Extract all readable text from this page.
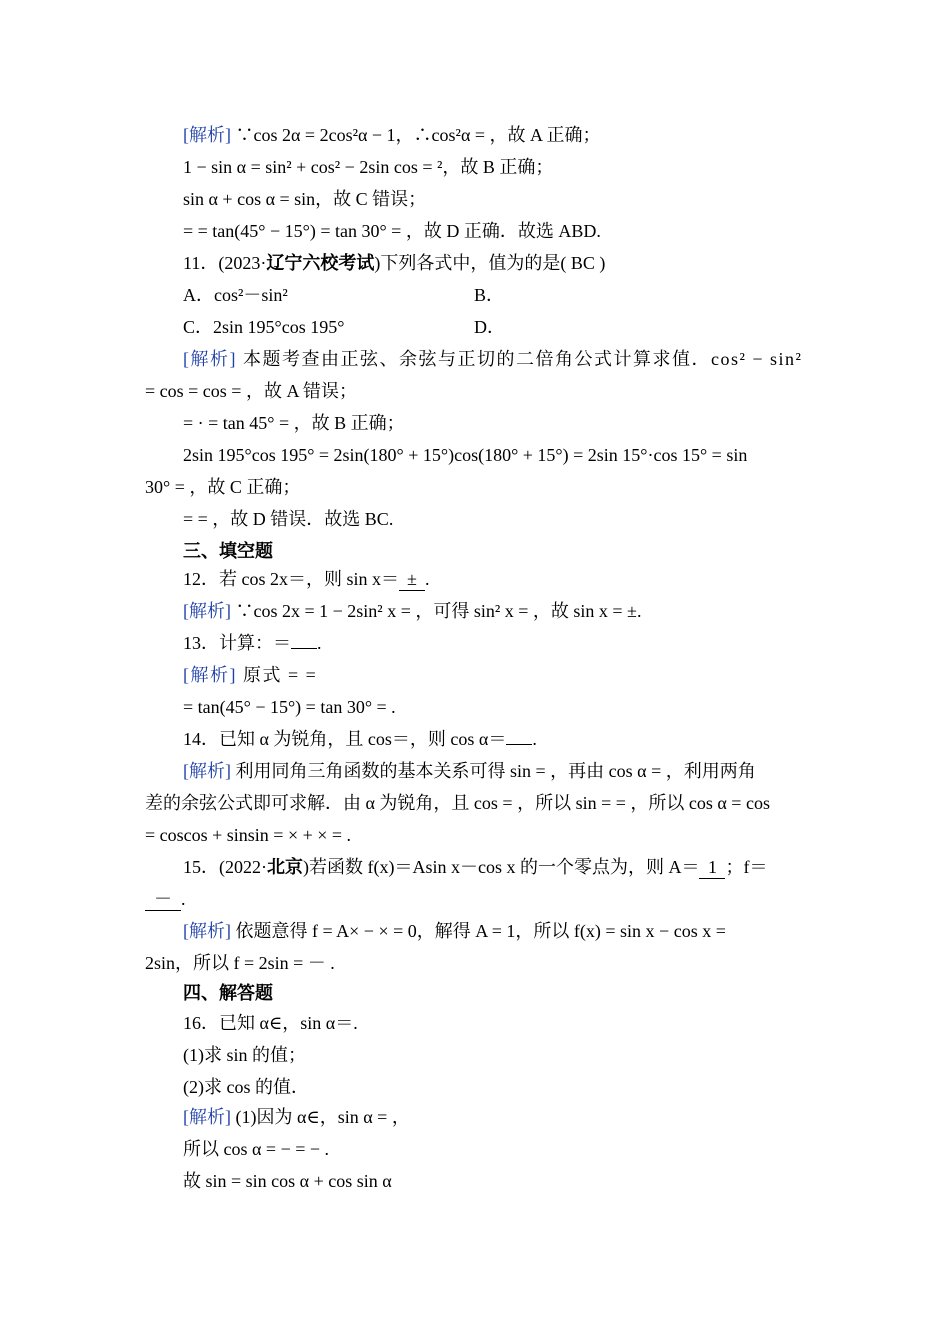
[解析] ∵cos 2α = 2cos²α − 1，∴cos²α = ，故 A 正确；
1 − sin α = sin² + cos² − 2sin cos = ²，故 B 正确；
sin α + cos α = sin，故 C 错误；
= = tan(45° − 15°) = tan 30° = ，故 D 正确．故选 ABD.
11．(2023·辽宁六校考试)下列各式中，值为的是( BC )
A．cos²－sin²	B．
C．2sin 195°cos 195°	D．
[解析] 本题考查由正弦、余弦与正切的二倍角公式计算求值．cos² − sin²
= cos = cos = ，故 A 错误；
= · = tan 45° = ，故 B 正确；
2sin 195°cos 195° = 2sin(180° + 15°)cos(180° + 15°) = 2sin 15°·cos 15° = sin
30° = ，故 C 正确；
= = ，故 D 错误．故选 BC.
三、填空题
12．若 cos 2x＝，则 sin x＝ ± .
[解析] ∵cos 2x = 1 − 2sin² x = ，可得 sin² x = ，故 sin x = ±.
13．计算：＝ .
[解析] 原式 = =
= tan(45° − 15°) = tan 30° = .
14．已知 α 为锐角，且 cos＝，则 cos α＝ .
[解析] 利用同角三角函数的基本关系可得 sin = ，再由 cos α = ，利用两角
差的余弦公式即可求解．由 α 为锐角，且 cos = ，所以 sin = = ，所以 cos α = cos
= coscos + sinsin = × + × = .
15．(2022·北京)若函数 f(x)＝Asin x－cos x 的一个零点为，则 A＝ 1 ；f＝
－ .
[解析] 依题意得 f = A× − × = 0，解得 A = 1，所以 f(x) = sin x − cos x =
2sin，所以 f = 2sin = － .
四、解答题
16．已知 α∈，sin α＝.
(1)求 sin 的值；
(2)求 cos 的值．
[解析] (1)因为 α∈，sin α = ，
所以 cos α = − = − .
故 sin = sin cos α + cos sin α
